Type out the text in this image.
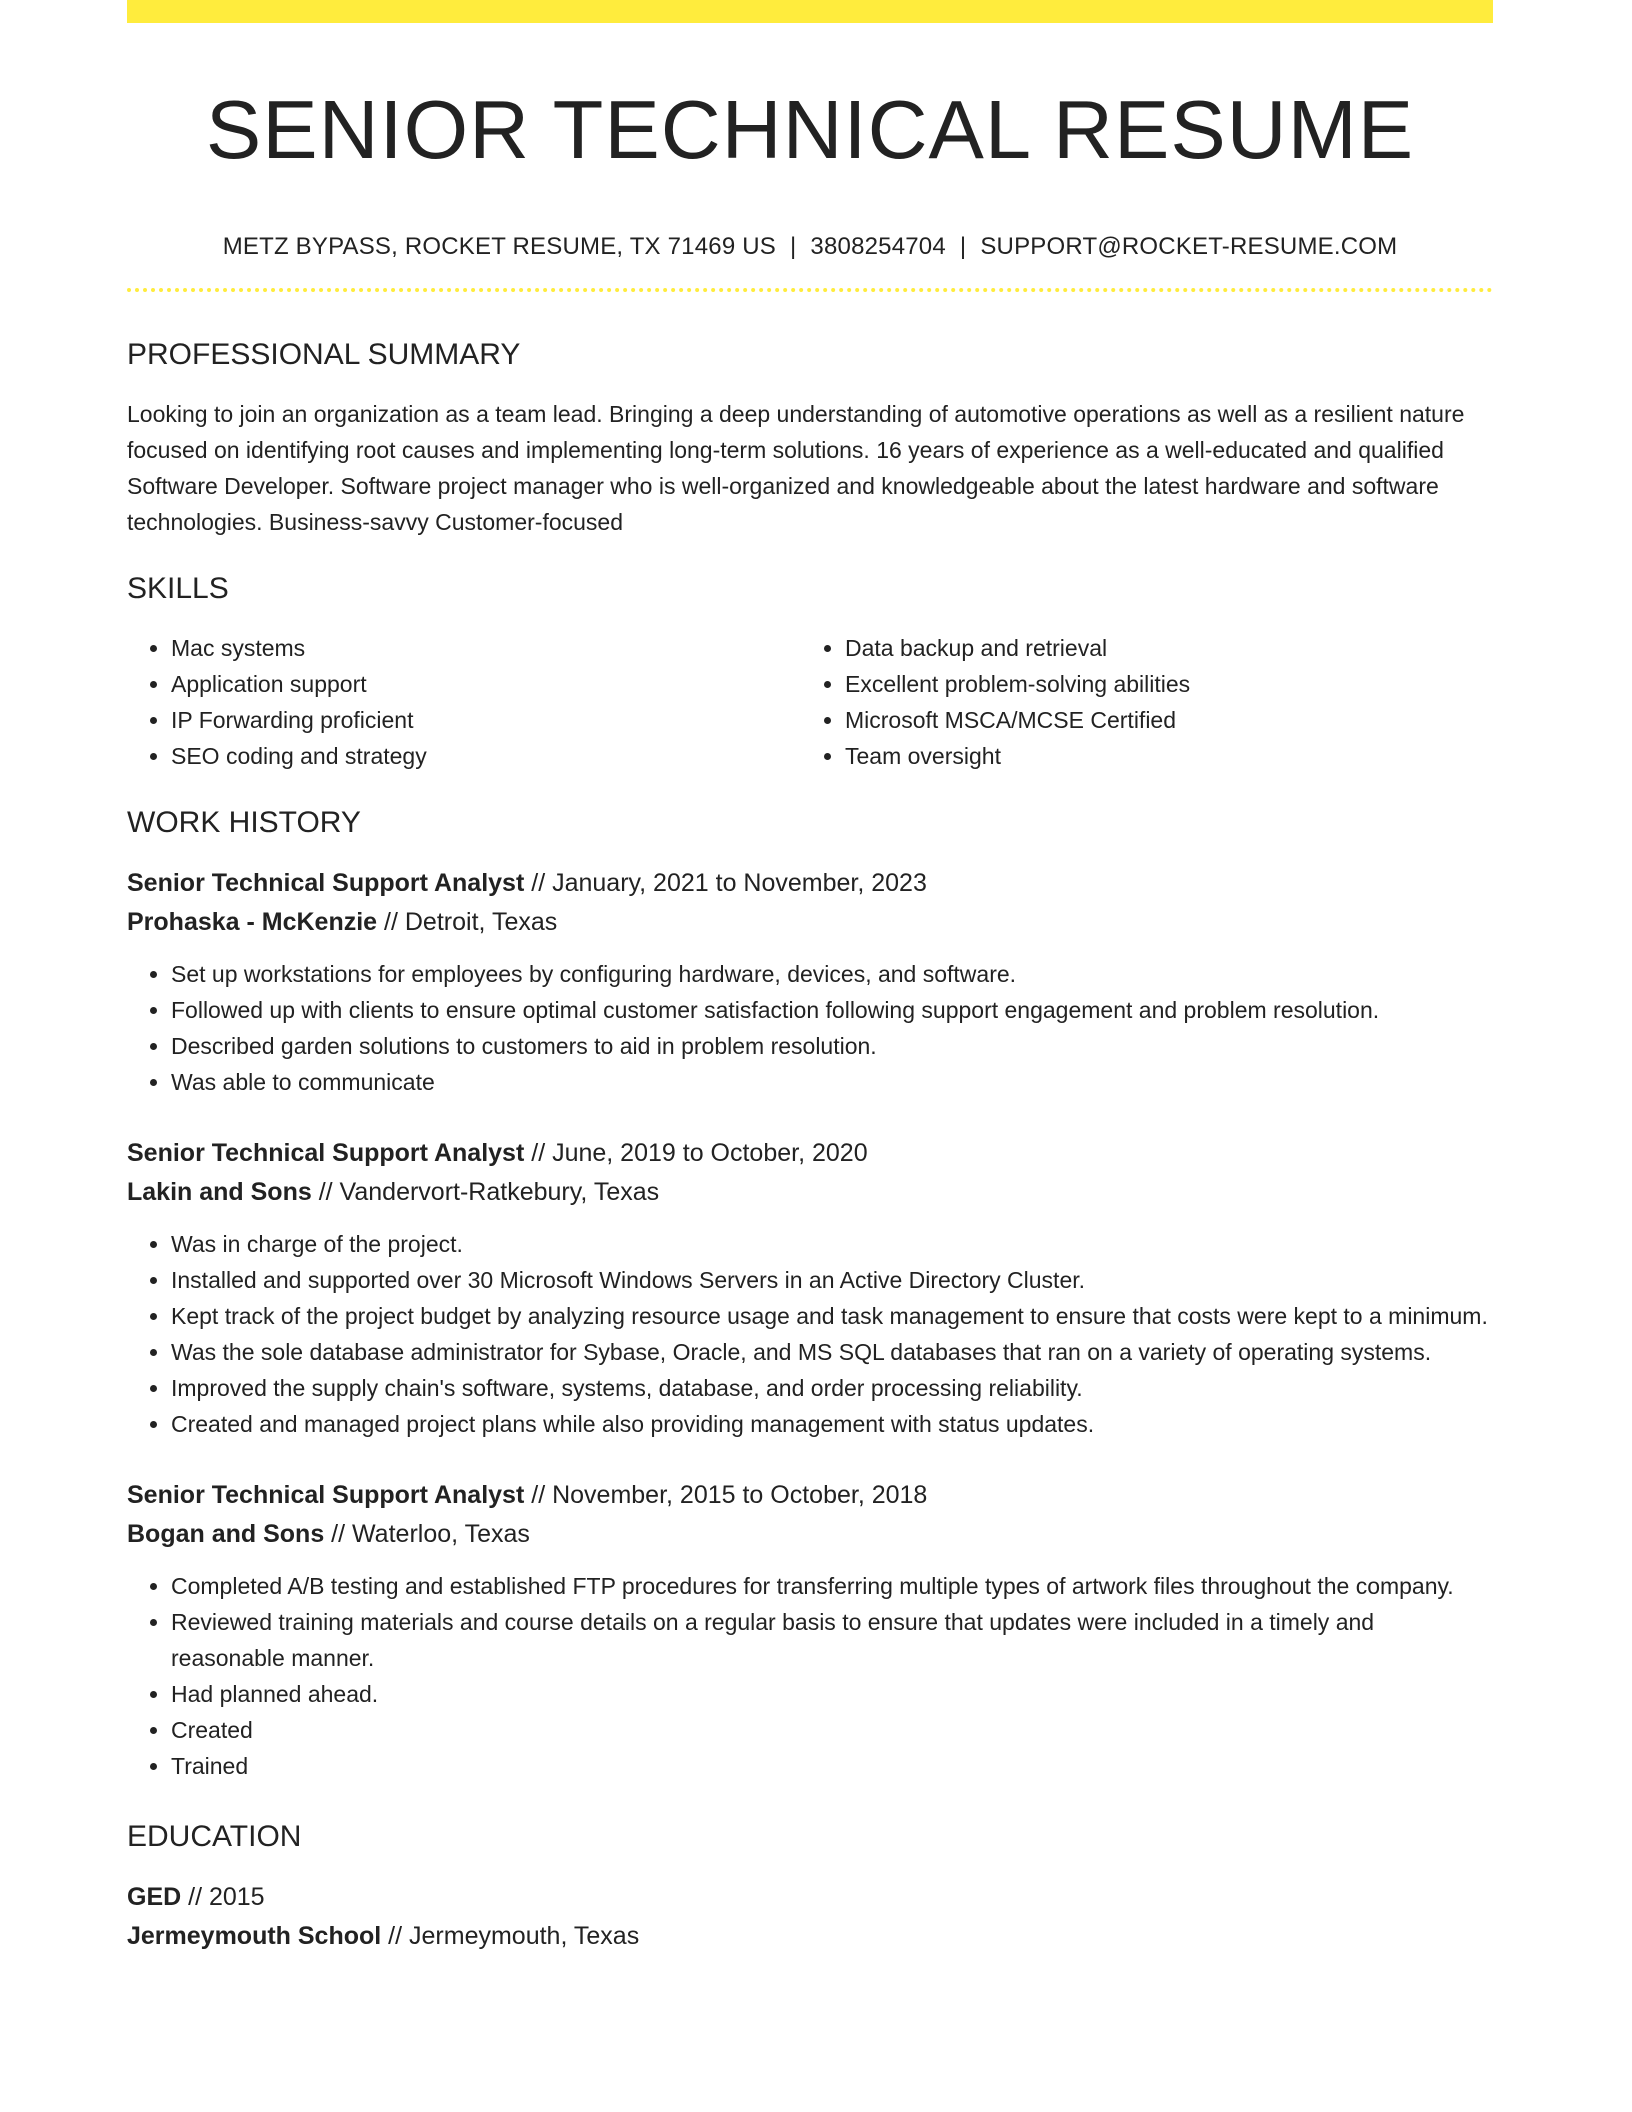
SENIOR TECHNICAL RESUME
METZ BYPASS, ROCKET RESUME, TX 71469 US | 3808254704 | SUPPORT@ROCKET-RESUME.COM
PROFESSIONAL SUMMARY
Looking to join an organization as a team lead. Bringing a deep understanding of automotive operations as well as a resilient nature focused on identifying root causes and implementing long-term solutions. 16 years of experience as a well-educated and qualified Software Developer. Software project manager who is well-organized and knowledgeable about the latest hardware and software technologies. Business-savvy Customer-focused
SKILLS
• Mac systems
• Application support
• IP Forwarding proficient
• SEO coding and strategy
• Data backup and retrieval
• Excellent problem-solving abilities
• Microsoft MSCA/MCSE Certified
• Team oversight
WORK HISTORY
Senior Technical Support Analyst // January, 2021 to November, 2023
Prohaska - McKenzie // Detroit, Texas
• Set up workstations for employees by configuring hardware, devices, and software.
• Followed up with clients to ensure optimal customer satisfaction following support engagement and problem resolution.
• Described garden solutions to customers to aid in problem resolution.
• Was able to communicate
Senior Technical Support Analyst // June, 2019 to October, 2020
Lakin and Sons // Vandervort-Ratkebury, Texas
• Was in charge of the project.
• Installed and supported over 30 Microsoft Windows Servers in an Active Directory Cluster.
• Kept track of the project budget by analyzing resource usage and task management to ensure that costs were kept to a minimum.
• Was the sole database administrator for Sybase, Oracle, and MS SQL databases that ran on a variety of operating systems.
• Improved the supply chain's software, systems, database, and order processing reliability.
• Created and managed project plans while also providing management with status updates.
Senior Technical Support Analyst // November, 2015 to October, 2018
Bogan and Sons // Waterloo, Texas
• Completed A/B testing and established FTP procedures for transferring multiple types of artwork files throughout the company.
• Reviewed training materials and course details on a regular basis to ensure that updates were included in a timely and reasonable manner.
• Had planned ahead.
• Created
• Trained
EDUCATION
GED // 2015
Jermeymouth School // Jermeymouth, Texas
